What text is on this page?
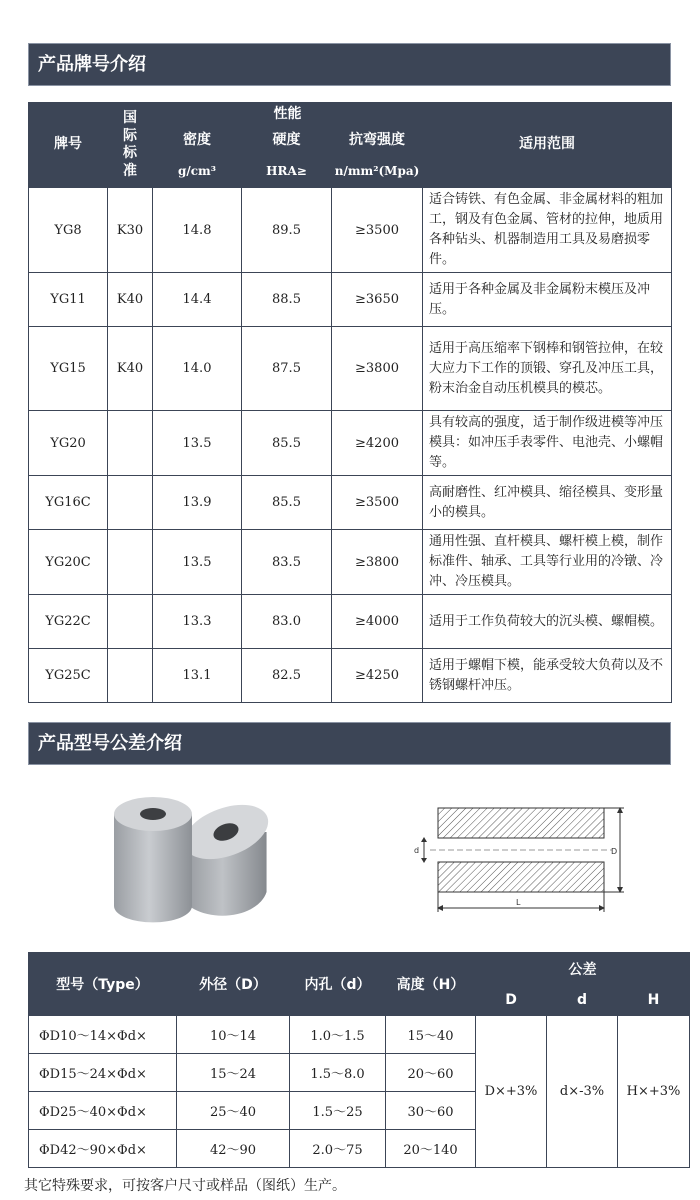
产品牌号介绍
牌号	国际标准	性能			适用范围
		密度	硬度	抗弯强度	
		g/cm³	HRA≥	n/mm²(Mpa)	
YG8	K30	14.8	89.5	≥3500	适合铸铁、有色金属、非金属材料的粗加工，钢及有色金属、管材的拉伸，地质用各种钻头、机器制造用工具及易磨损零件。
YG11	K40	14.4	88.5	≥3650	适用于各种金属及非金属粉末模压及冲压。
YG15	K40	14.0	87.5	≥3800	适用于高压缩率下钢棒和钢管拉伸，在较大应力下工作的顶锻、穿孔及冲压工具，粉末治金自动压机模具的模芯。
YG20		13.5	85.5	≥4200	具有较高的强度，适于制作级进模等冲压模具：如冲压手表零件、电池壳、小螺帽等。
YG16C		13.9	85.5	≥3500	高耐磨性、红冲模具、缩径模具、变形量小的模具。
YG20C		13.5	83.5	≥3800	通用性强、直杆模具、螺杆模上模，制作标准件、轴承、工具等行业用的冷镦、冷冲、冷压模具。
YG22C		13.3	83.0	≥4000	适用于工作负荷较大的沉头模、螺帽模。
YG25C		13.1	82.5	≥4250	适用于螺帽下模，能承受较大负荷以及不锈钢螺杆冲压。
产品型号公差介绍
d	D
L
型号（Type）	外径（D）	内孔（d）	高度（H）	公差		
				D	d	H
ΦD10～14×Φd×	10～14	1.0～1.5	15～40	D×+3%	d×-3%	H×+3%
ΦD15～24×Φd×	15～24	1.5～8.0	20～60			
ΦD25～40×Φd×	25～40	1.5～25	30～60			
ΦD42～90×Φd×	42～90	2.0～75	20～140			
其它特殊要求，可按客户尺寸或样品（图纸）生产。
